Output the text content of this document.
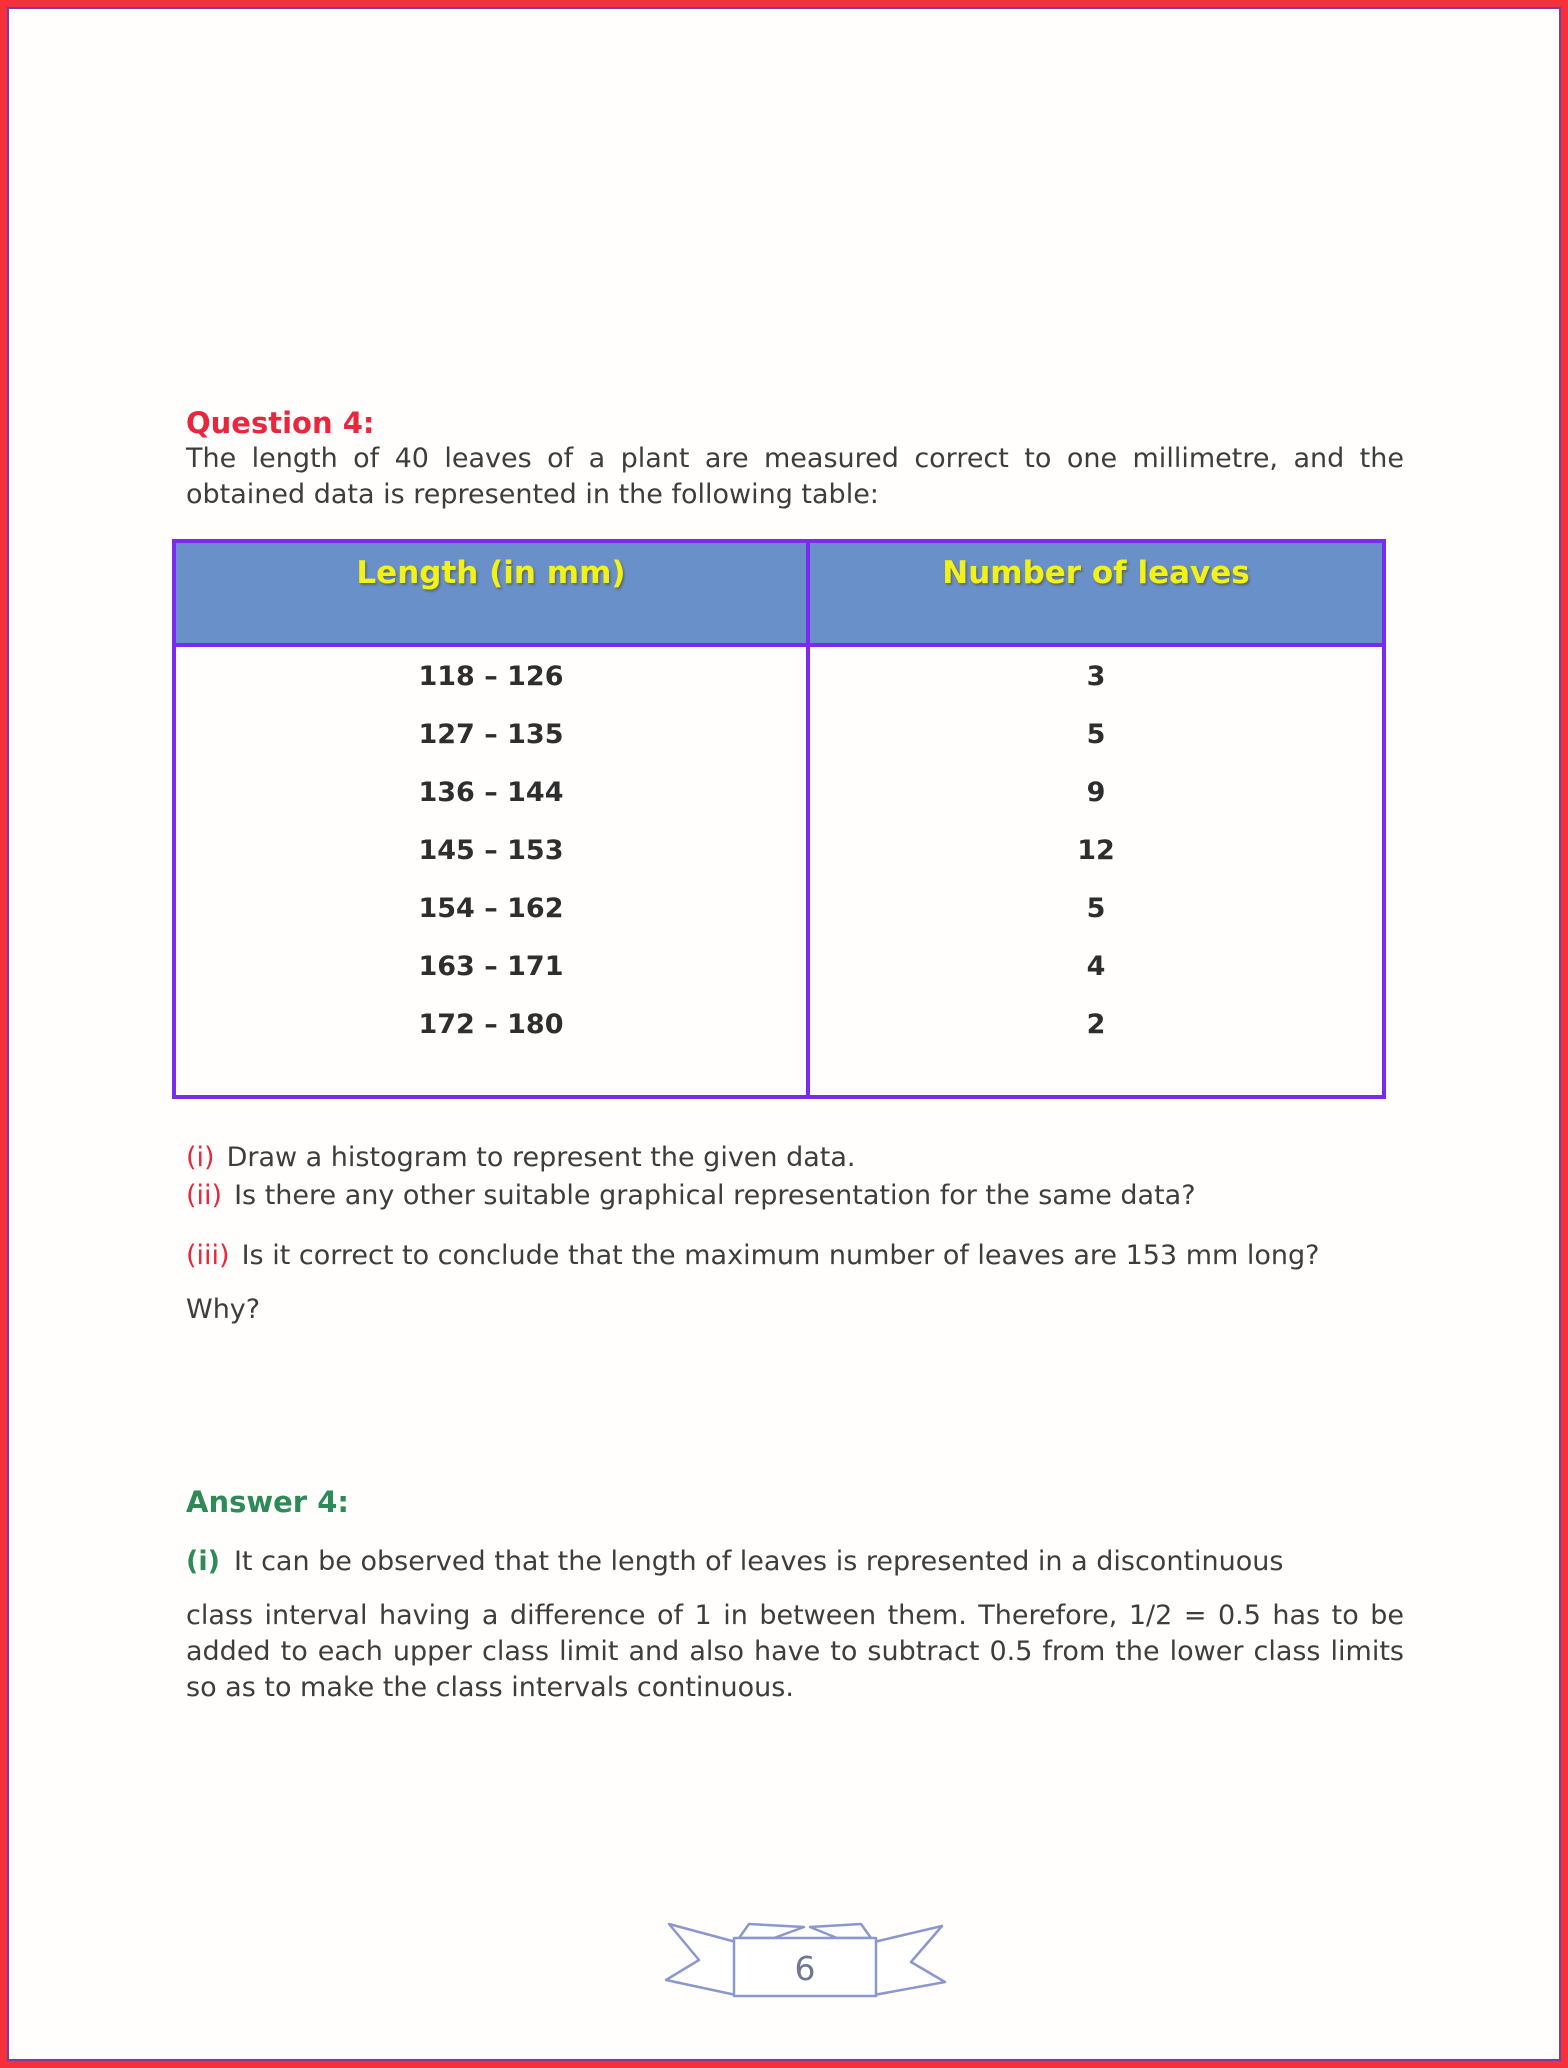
Question 4:

The length of 40 leaves of a plant are measured correct to one millimetre, and the obtained data is represented in the following table:

Length (in mm)	Number of leaves
118 – 126	3
127 – 135	5
136 – 144	9
145 – 153	12
154 – 162	5
163 – 171	4
172 – 180	2

(i) Draw a histogram to represent the given data.

(ii) Is there any other suitable graphical representation for the same data?

(iii) Is it correct to conclude that the maximum number of leaves are 153 mm long?

Why?

Answer 4:

(i) It can be observed that the length of leaves is represented in a discontinuous

class interval having a difference of 1 in between them. Therefore, 1/2 = 0.5 has to be added to each upper class limit and also have to subtract 0.5 from the lower class limits so as to make the class intervals continuous.

6
